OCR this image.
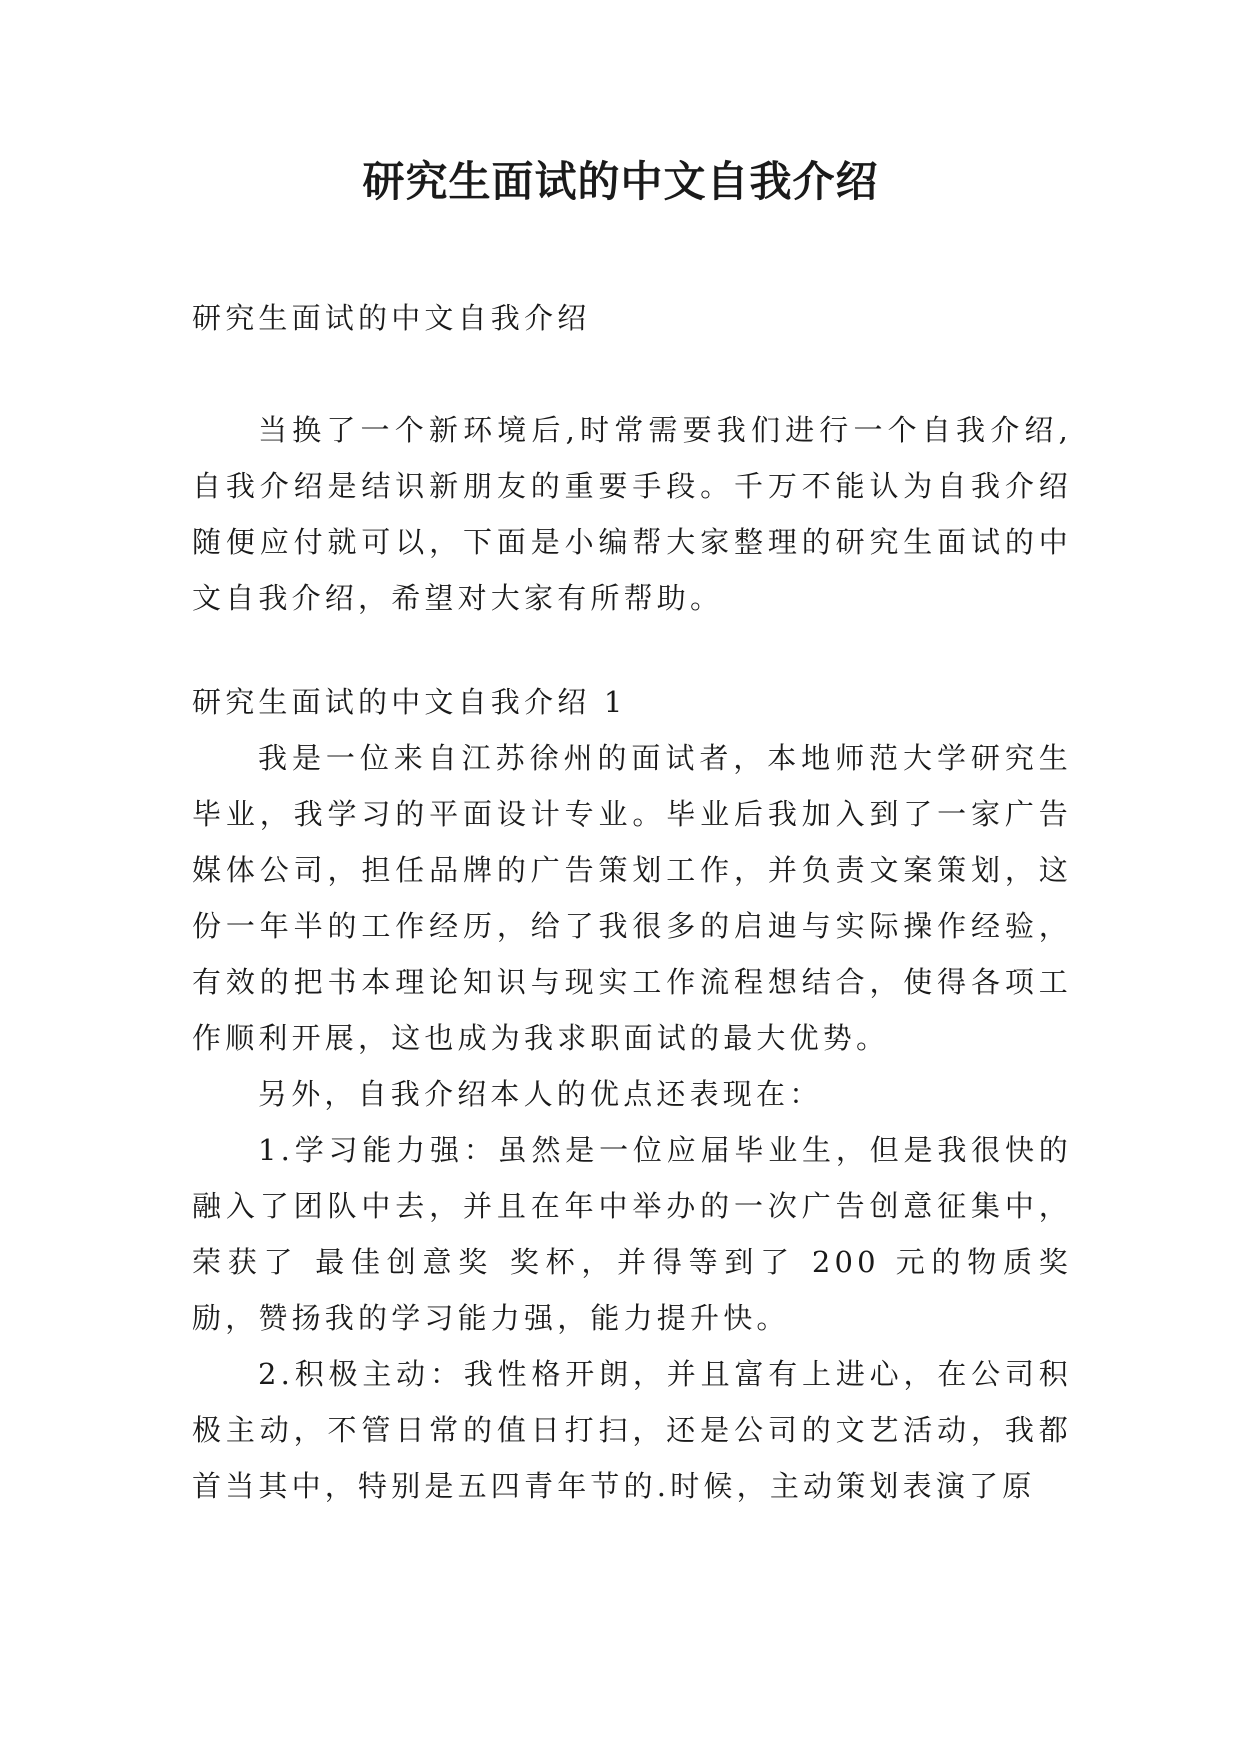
研究生面试的中文自我介绍

研究生面试的中文自我介绍

当换了一个新环境后,时常需要我们进行一个自我介绍,自我介绍是结识新朋友的重要手段。千万不能认为自我介绍随便应付就可以，下面是小编帮大家整理的研究生面试的中文自我介绍，希望对大家有所帮助。

研究生面试的中文自我介绍 1

我是一位来自江苏徐州的面试者，本地师范大学研究生毕业，我学习的平面设计专业。毕业后我加入到了一家广告媒体公司，担任品牌的广告策划工作，并负责文案策划，这份一年半的工作经历，给了我很多的启迪与实际操作经验，有效的把书本理论知识与现实工作流程想结合，使得各项工作顺利开展，这也成为我求职面试的最大优势。

另外，自我介绍本人的优点还表现在：

1.学习能力强：虽然是一位应届毕业生，但是我很快的融入了团队中去，并且在年中举办的一次广告创意征集中，荣获了 最佳创意奖 奖杯，并得等到了 200 元的物质奖励，赞扬我的学习能力强，能力提升快。

2.积极主动：我性格开朗，并且富有上进心，在公司积极主动，不管日常的值日打扫，还是公司的文艺活动，我都首当其中，特别是五四青年节的.时候，主动策划表演了原
